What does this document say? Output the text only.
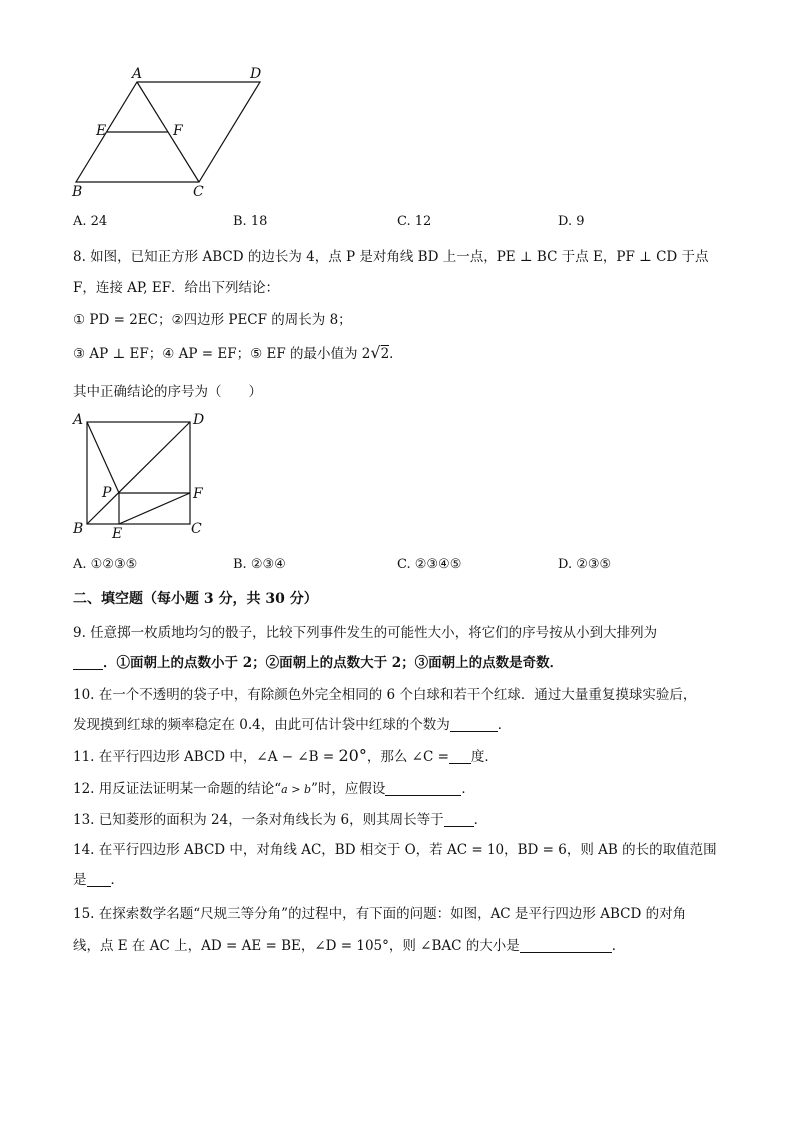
A	D
E	F
B	C
A. 24	B. 18	C. 12	D. 9
8. 如图，已知正方形 ABCD 的边长为 4，点 P 是对角线 BD 上一点，PE ⊥ BC 于点 E，PF ⊥ CD 于点
F，连接 AP, EF．给出下列结论：
① PD = 2EC；②四边形 PECF 的周长为 8；
③ AP ⊥ EF；④ AP = EF；⑤ EF 的最小值为 2√2．
其中正确结论的序号为（　　）
A	D
P	F
B E	C
A. ①②③⑤	B. ②③④	C. ②③④⑤	D. ②③⑤
二、填空题（每小题 3 分，共 30 分）
9. 任意掷一枚质地均匀的骰子，比较下列事件发生的可能性大小，将它们的序号按从小到大排列为
．①面朝上的点数小于 2；②面朝上的点数大于 2；③面朝上的点数是奇数．
10. 在一个不透明的袋子中，有除颜色外完全相同的 6 个白球和若干个红球．通过大量重复摸球实验后，
发现摸到红球的频率稳定在 0.4，由此可估计袋中红球的个数为	．
11. 在平行四边形 ABCD 中，∠A − ∠B = 20°，那么 ∠C = 度．
12. 用反证法证明某一命题的结论“a > b”时，应假设	．
13. 已知菱形的面积为 24，一条对角线长为 6，则其周长等于 ．
14. 在平行四边形 ABCD 中，对角线 AC，BD 相交于 O，若 AC = 10，BD = 6，则 AB 的长的取值范围
是 ．
15. 在探索数学名题“尺规三等分角”的过程中，有下面的问题：如图，AC 是平行四边形 ABCD 的对角
线，点 E 在 AC 上，AD = AE = BE，∠D = 105°，则 ∠BAC 的大小是	．
